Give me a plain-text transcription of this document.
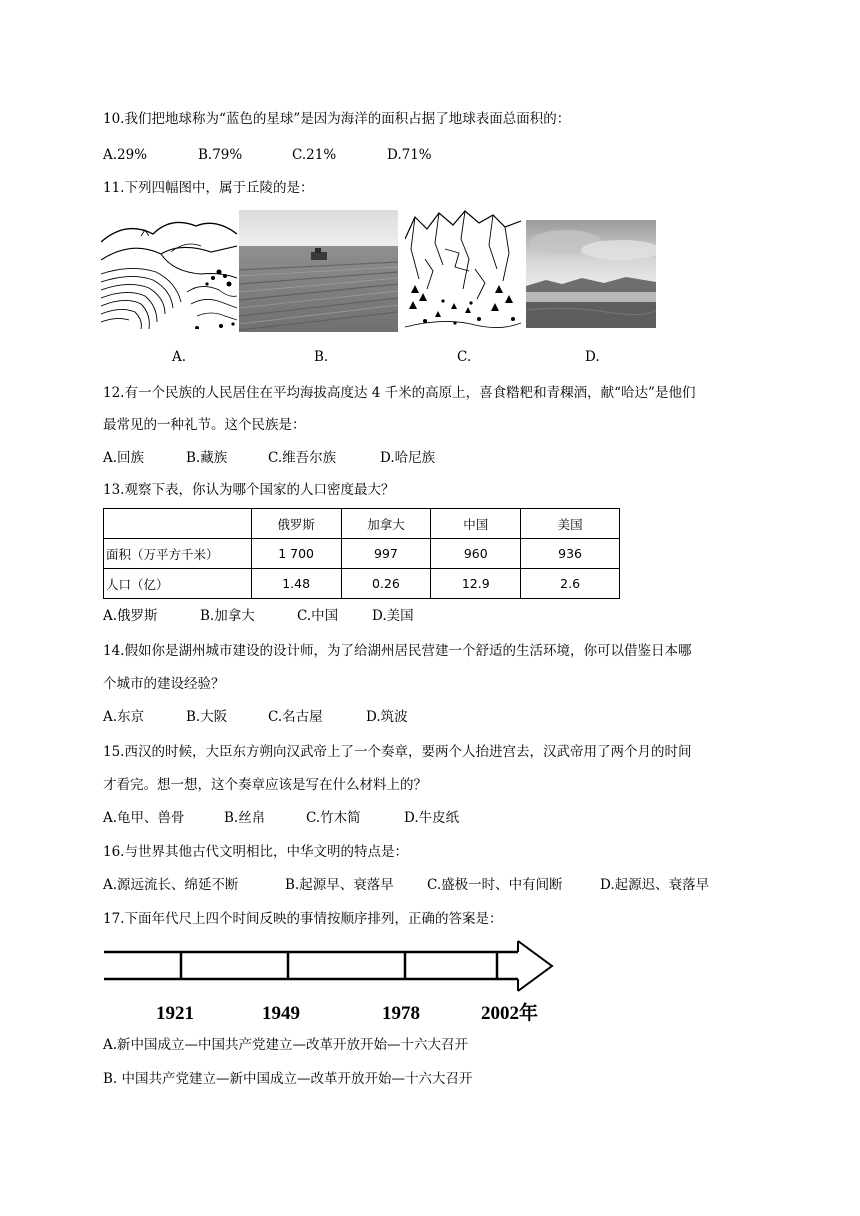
10.我们把地球称为“蓝色的星球”是因为海洋的面积占据了地球表面总面积的：
A.29%	B.79%	C.21%	D.71%
11.下列四幅图中，属于丘陵的是：
A.	B.	C.	D.
12.有一个民族的人民居住在平均海拔高度达 4 千米的高原上，喜食糌粑和青稞酒，献“哈达”是他们
最常见的一种礼节。这个民族是：
A.回族	B.藏族	C.维吾尔族	D.哈尼族
13.观察下表，你认为哪个国家的人口密度最大？
	俄罗斯	加拿大	中国	美国
面积（万平方千米）	1 700	997	960	936
人口（亿）	1.48	0.26	12.9	2.6
A.俄罗斯	B.加拿大	C.中国	D.美国
14.假如你是湖州城市建设的设计师，为了给湖州居民营建一个舒适的生活环境，你可以借鉴日本哪
个城市的建设经验？
A.东京	B.大阪	C.名古屋	D.筑波
15.西汉的时候，大臣东方朔向汉武帝上了一个奏章，要两个人抬进宫去，汉武帝用了两个月的时间
才看完。想一想，这个奏章应该是写在什么材料上的？
A.龟甲、兽骨	B.丝帛	C.竹木简	D.牛皮纸
16.与世界其他古代文明相比，中华文明的特点是：
A.源远流长、绵延不断	B.起源早、衰落早 C.盛极一时、中有间断	D.起源迟、衰落早
17.下面年代尺上四个时间反映的事情按顺序排列，正确的答案是：
1921	1949	1978	2002年
A.新中国成立—中国共产党建立—改革开放开始—十六大召开
B. 中国共产党建立—新中国成立—改革开放开始—十六大召开
